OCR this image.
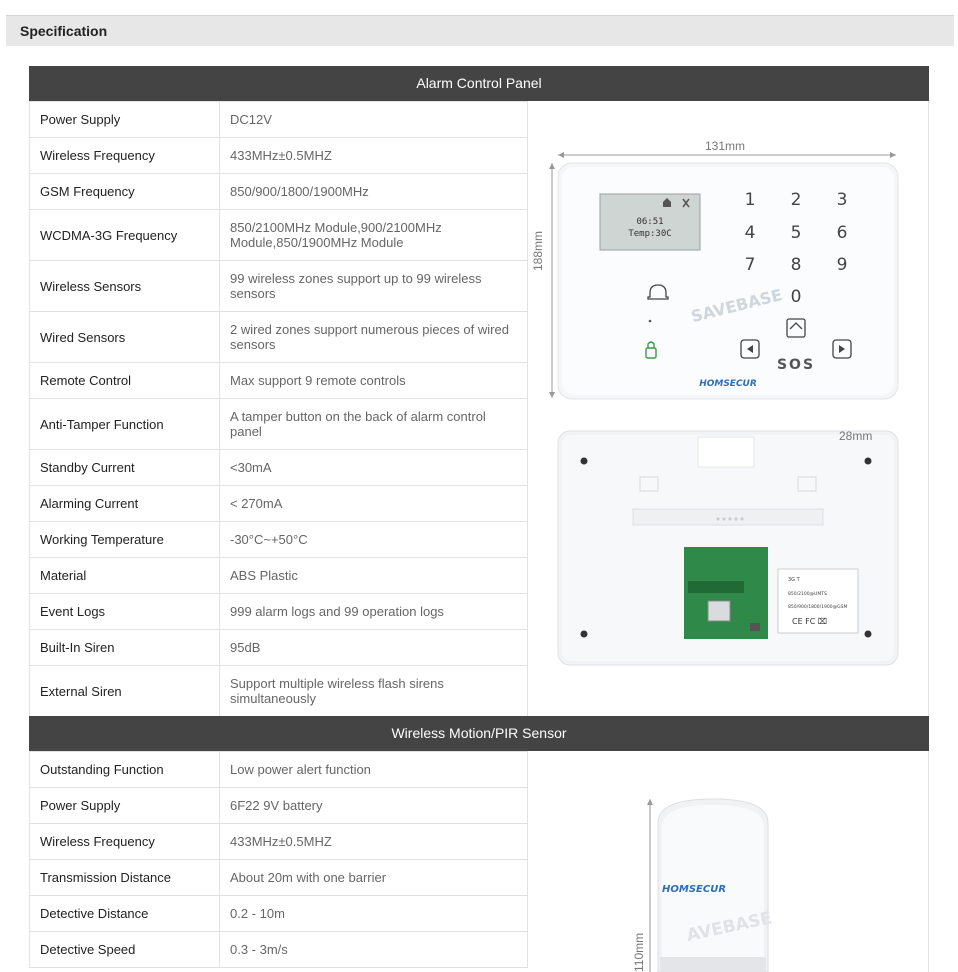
Specification
Alarm Control Panel
Power Supply	DC12V
Wireless Frequency	433MHz±0.5MHZ
GSM Frequency	850/900/1800/1900MHz
WCDMA-3G Frequency	850/2100MHz Module,900/2100MHz Module,850/1900MHz Module
Wireless Sensors	99 wireless zones support up to 99 wireless sensors
Wired Sensors	2 wired zones support numerous pieces of wired sensors
Remote Control	Max support 9 remote controls
Anti-Tamper Function	A tamper button on the back of alarm control panel
Standby Current	<30mA
Alarming Current	< 270mA
Working Temperature	-30°C~+50°C
Material	ABS Plastic
Event Logs	999 alarm logs and 99 operation logs
Built-In Siren	95dB
External Siren	Support multiple wireless flash sirens simultaneously
06:51
Temp:30C
1 2 3
4 5 6
7 8 9
0
SOS
HOMSECUR
SAVEBASE
3G T
850/2100@UMTS
850/900/1800/1900@GSM
CE FC ⌧
131mm
188mm
28mm
Wireless Motion/PIR Sensor
Outstanding Function	Low power alert function
Power Supply	6F22 9V battery
Wireless Frequency	433MHz±0.5MHZ
Transmission Distance	About 20m with one barrier
Detective Distance	0.2 - 10m
Detective Speed	0.3 - 3m/s
AVEBASE
HOMSECUR
110mm
